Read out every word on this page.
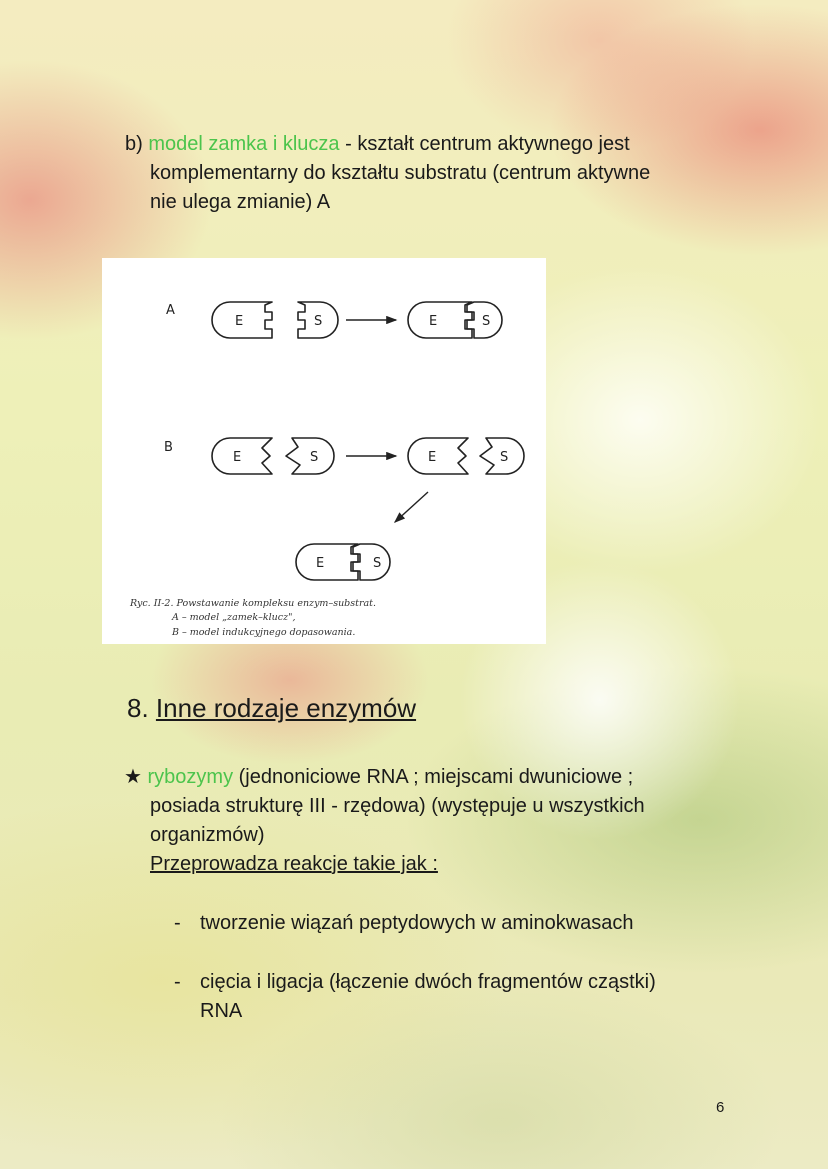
b) model zamka i klucza - kształt centrum aktywnego jest
komplementarny do kształtu substratu (centrum aktywne
nie ulega zmianie) A
A
B
E	S	E	S
E	S	E	S
E	S
Ryc. II-2. Powstawanie kompleksu enzym–substrat.
A – model „zamek–klucz",
B – model indukcyjnego dopasowania.
8. Inne rodzaje enzymów
★ rybozymy (jednoniciowe RNA ; miejscami dwuniciowe ;
posiada strukturę III - rzędowa) (występuje u wszystkich
organizmów)
Przeprowadza reakcje takie jak :
- tworzenie wiązań peptydowych w aminokwasach
- cięcia i ligacja (łączenie dwóch fragmentów cząstki)
RNA
6
